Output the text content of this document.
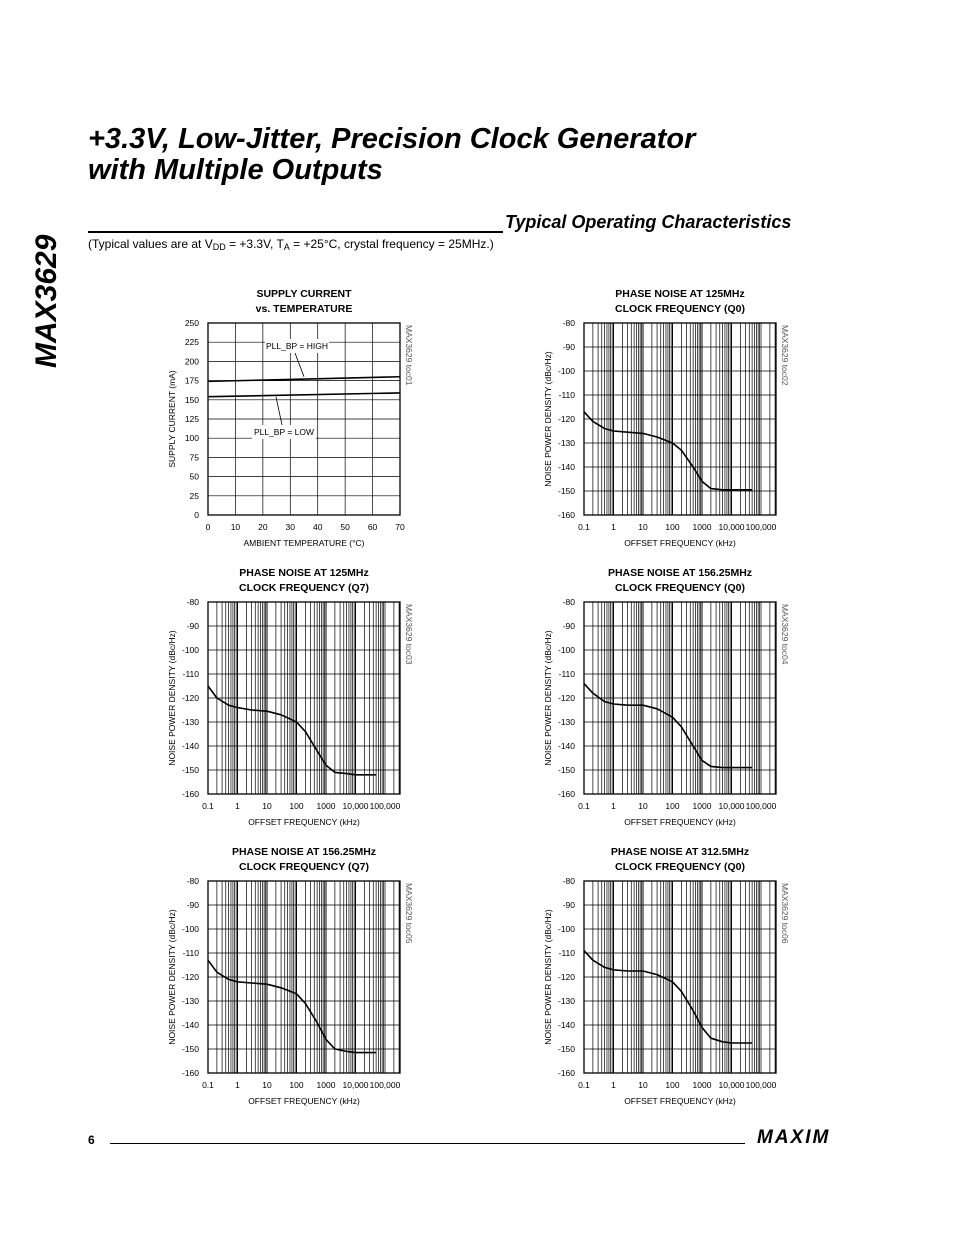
MAX3629
+3.3V, Low-Jitter, Precision Clock Generator
with Multiple Outputs
Typical Operating Characteristics
(Typical values are at $V_{DD} = +3.3V$, $T_A = +25^\circ C$, crystal frequency = 25MHz.)
SUPPLY CURRENT
vs. TEMPERATURE
250
225
200
175
150
125
100
75
50
25
0
0 10 20 30 40 50 60 70
AMBIENT TEMPERATURE (°C)
SUPPLY CURRENT (mA)
MAX3629 toc01
PLL_BP = HIGH
PLL_BP = LOW
PHASE NOISE AT 125MHz
CLOCK FREQUENCY (Q0)
-80
-90
-100
-110
-120
-130
-140
-150
-160
0.1 1	10 100 1000 10,000 100,000
OFFSET FREQUENCY (kHz)
NOISE POWER DENSITY (dBc/Hz)	MAX3629 toc02
PHASE NOISE AT 125MHz
CLOCK FREQUENCY (Q7)
-80
-90
-100
-110
-120
-130
-140
-150
-160
0.1 1	10 100 1000 10,000 100,000
OFFSET FREQUENCY (kHz)
NOISE POWER DENSITY (dBc/Hz)	MAX3629 toc03
PHASE NOISE AT 156.25MHz
CLOCK FREQUENCY (Q0)
-80
-90
-100
-110
-120
-130
-140
-150
-160
0.1 1	10 100 1000 10,000 100,000
OFFSET FREQUENCY (kHz)
NOISE POWER DENSITY (dBc/Hz)	MAX3629 toc04
PHASE NOISE AT 156.25MHz
CLOCK FREQUENCY (Q7)
-80
-90
-100
-110
-120
-130
-140
-150
-160
0.1 1	10 100 1000 10,000 100,000
OFFSET FREQUENCY (kHz)
NOISE POWER DENSITY (dBc/Hz)	MAX3629 toc05
PHASE NOISE AT 312.5MHz
CLOCK FREQUENCY (Q0)
-80
-90
-100
-110
-120
-130
-140
-150
-160
0.1 1	10 100 1000 10,000 100,000
OFFSET FREQUENCY (kHz)
NOISE POWER DENSITY (dBc/Hz)	MAX3629 toc06
6	MAXIM
